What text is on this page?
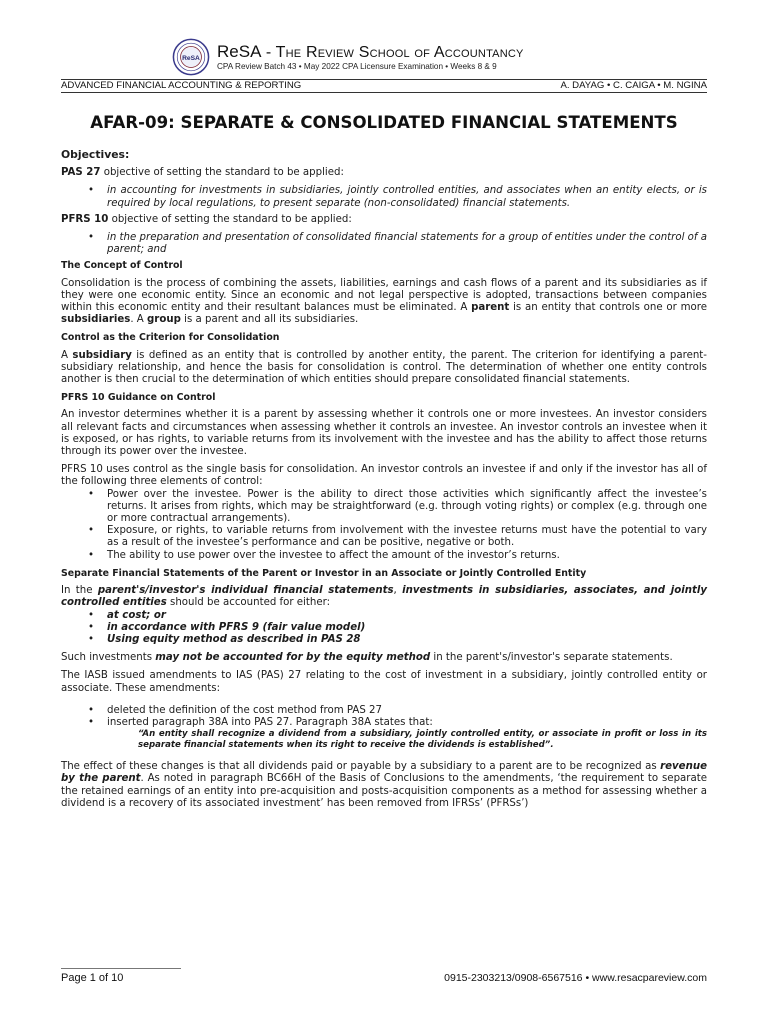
ReSA ReSA - The Review School of Accountancy
CPA Review Batch 43 • May 2022 CPA Licensure Examination • Weeks 8 & 9
ADVANCED FINANCIAL ACCOUNTING & REPORTING	A. DAYAG • C. CAIGA • M. NGINA
AFAR-09: SEPARATE & CONSOLIDATED FINANCIAL STATEMENTS
Objectives:

PAS 27 objective of setting the standard to be applied:

• in accounting for investments in subsidiaries, jointly controlled entities, and associates when an entity elects, or is required by local regulations, to present separate (non-consolidated) financial statements.

PFRS 10 objective of setting the standard to be applied:

• in the preparation and presentation of consolidated financial statements for a group of entities under the control of a parent; and
The Concept of Control

Consolidation is the process of combining the assets, liabilities, earnings and cash flows of a parent and its subsidiaries as if they were one economic entity. Since an economic and not legal perspective is adopted, transactions between companies within this economic entity and their resultant balances must be eliminated. A parent is an entity that controls one or more subsidiaries. A group is a parent and all its subsidiaries.

Control as the Criterion for Consolidation

A subsidiary is defined as an entity that is controlled by another entity, the parent. The criterion for identifying a parent-subsidiary relationship, and hence the basis for consolidation is control. The determination of whether one entity controls another is then crucial to the determination of which entities should prepare consolidated financial statements.

PFRS 10 Guidance on Control

An investor determines whether it is a parent by assessing whether it controls one or more investees. An investor considers all relevant facts and circumstances when assessing whether it controls an investee. An investor controls an investee when it is exposed, or has rights, to variable returns from its involvement with the investee and has the ability to affect those returns through its power over the investee.

PFRS 10 uses control as the single basis for consolidation. An investor controls an investee if and only if the investor has all of the following three elements of control:

• Power over the investee. Power is the ability to direct those activities which significantly affect the investee’s returns. It arises from rights, which may be straightforward (e.g. through voting rights) or complex (e.g. through one or more contractual arrangements).
• Exposure, or rights, to variable returns from involvement with the investee returns must have the potential to vary as a result of the investee’s performance and can be positive, negative or both.
• The ability to use power over the investee to affect the amount of the investor’s returns.
Separate Financial Statements of the Parent or Investor in an Associate or Jointly Controlled Entity

In the parent's/investor's individual financial statements, investments in subsidiaries, associates, and jointly controlled entities should be accounted for either:

• at cost; or
• in accordance with PFRS 9 (fair value model)
• Using equity method as described in PAS 28

Such investments may not be accounted for by the equity method in the parent's/investor's separate statements.

The IASB issued amendments to IAS (PAS) 27 relating to the cost of investment in a subsidiary, jointly controlled entity or associate. These amendments:

• deleted the definition of the cost method from PAS 27
• inserted paragraph 38A into PAS 27. Paragraph 38A states that:

“An entity shall recognize a dividend from a subsidiary, jointly controlled entity, or associate in profit or loss in its separate financial statements when its right to receive the dividends is established”.

The effect of these changes is that all dividends paid or payable by a subsidiary to a parent are to be recognized as revenue by the parent. As noted in paragraph BC66H of the Basis of Conclusions to the amendments, ‘the requirement to separate the retained earnings of an entity into pre-acquisition and posts-acquisition components as a method for assessing whether a dividend is a recovery of its associated investment’ has been removed from IFRSs’ (PFRSs’)

Page 1 of 10	0915-2303213/0908-6567516 • www.resacpareview.com
